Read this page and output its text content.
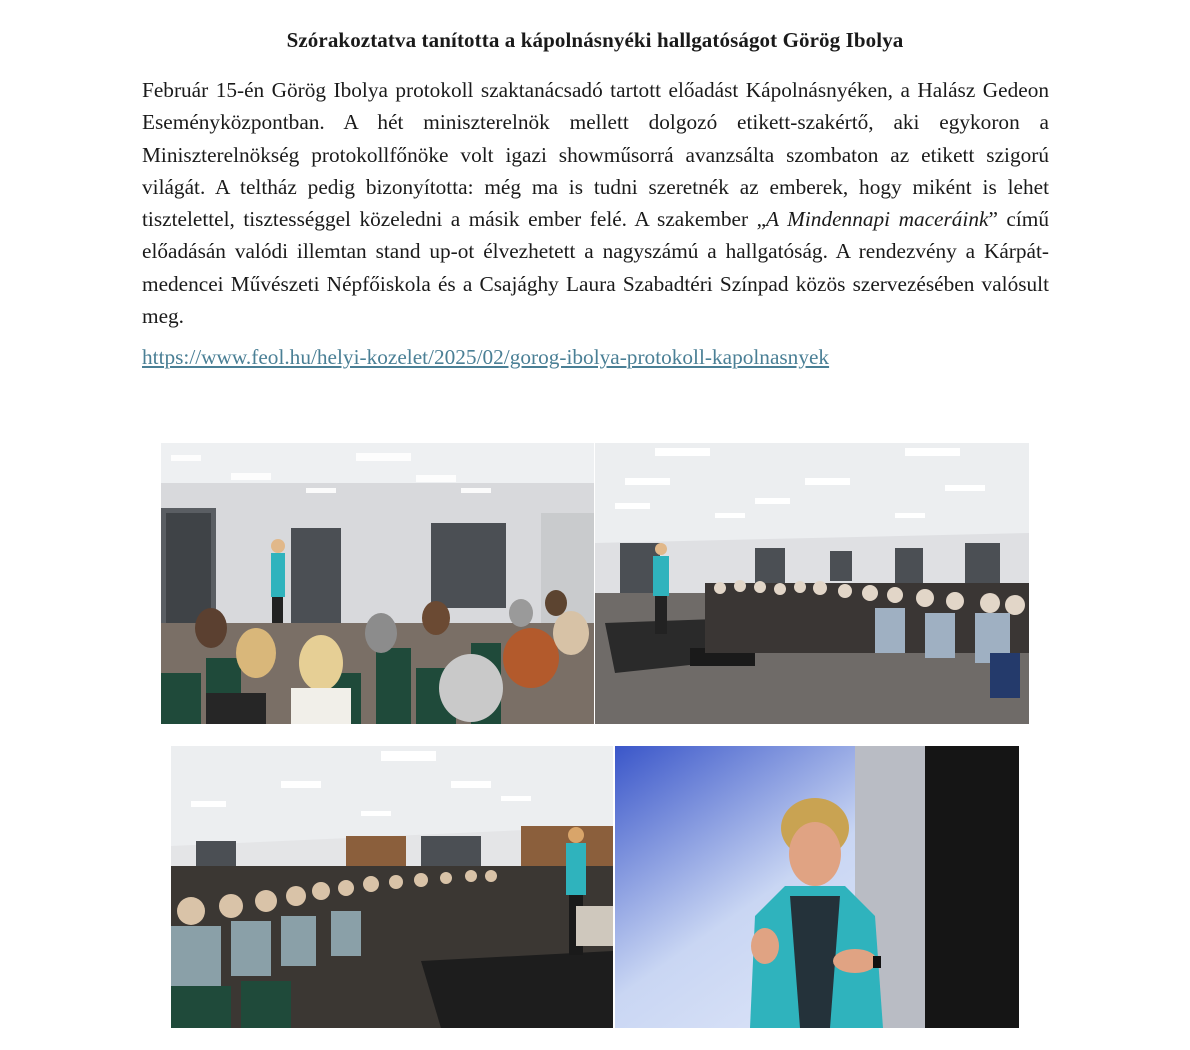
Szórakoztatva tanította a kápolnásnyéki hallgatóságot Görög Ibolya

Február 15-én Görög Ibolya protokoll szaktanácsadó tartott előadást Kápolnásnyéken, a Halász Gedeon Eseményközpontban. A hét miniszterelnök mellett dolgozó etikett-szakértő, aki egykoron a Miniszterelnökség protokollfőnöke volt igazi showműsorrá avanzsálta szombaton az etikett szigorú világát. A teltház pedig bizonyította: még ma is tudni szeretnék az emberek, hogy miként is lehet tisztelettel, tisztességgel közeledni a másik ember felé. A szakember „A Mindennapi maceráink” című előadásán valódi illemtan stand up-ot élvezhetett a nagyszámú a hallgatóság. A rendezvény a Kárpát-medencei Művészeti Népfőiskola és a Csajághy Laura Szabadtéri Színpad közös szervezésében valósult meg.

https://www.feol.hu/helyi-kozelet/2025/02/gorog-ibolya-protokoll-kapolnasnyek
